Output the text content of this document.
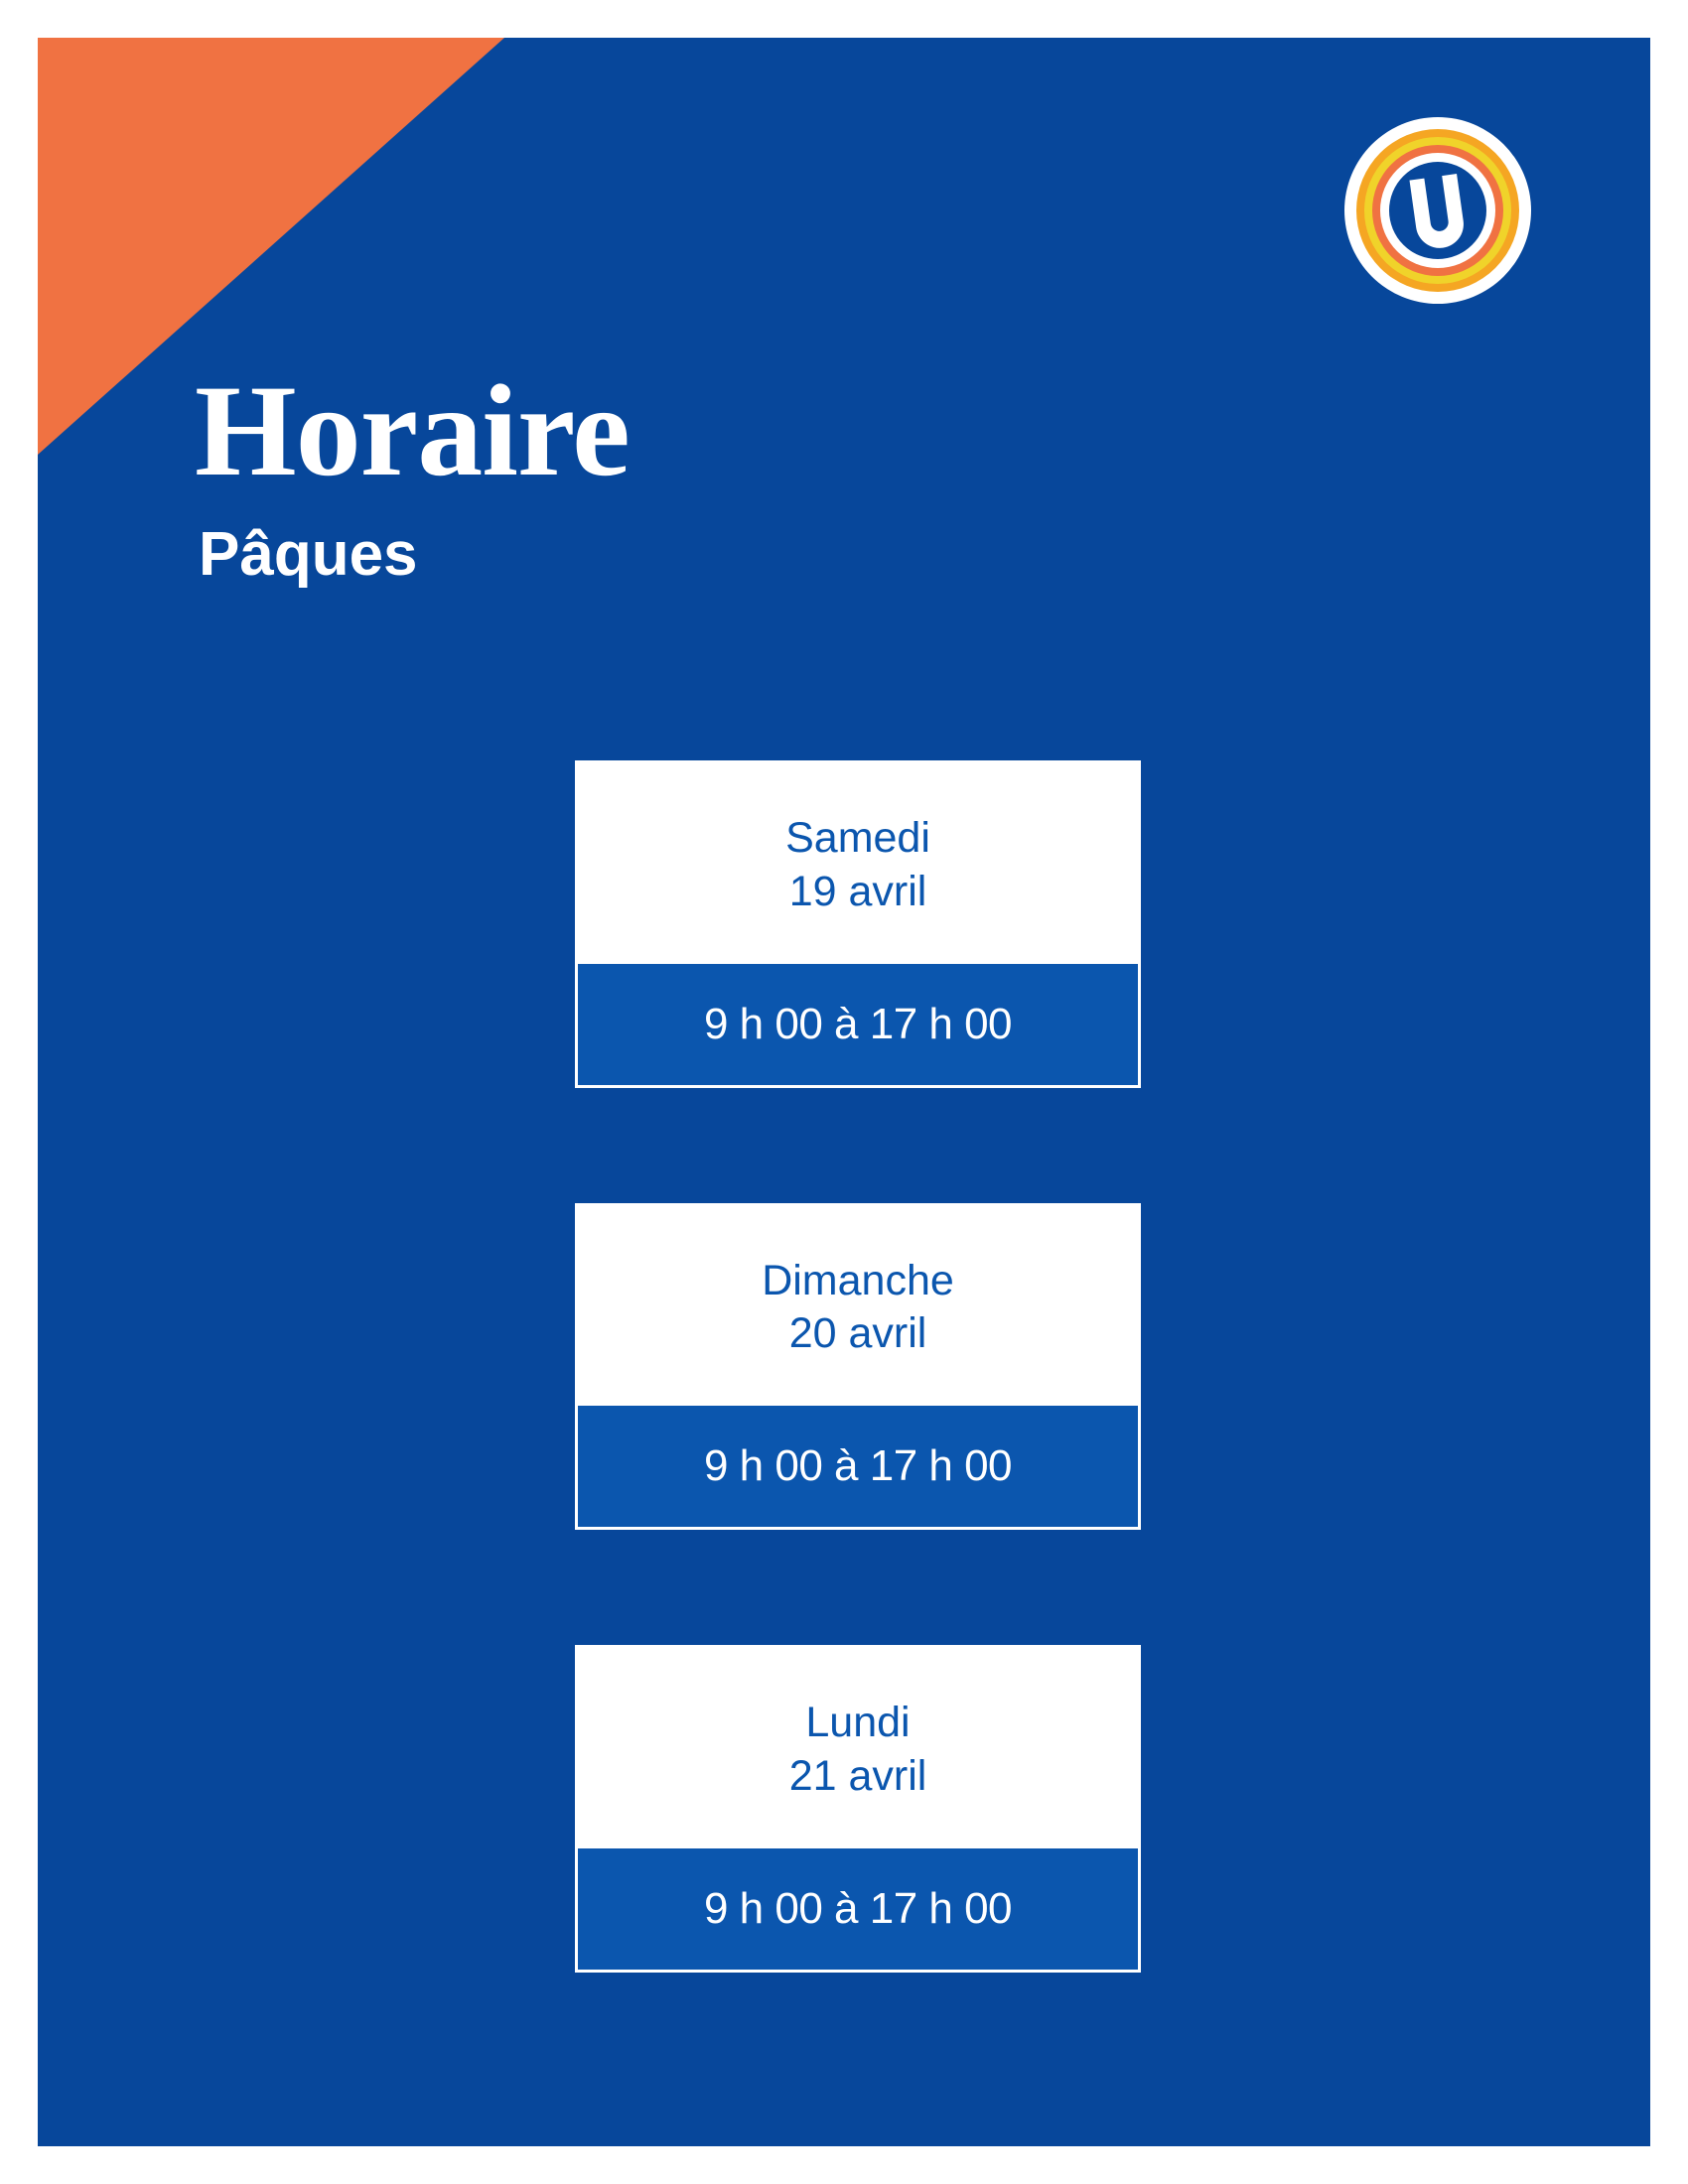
Horaire
Pâques
Samedi
19 avril
9 h 00 à 17 h 00
Dimanche
20 avril
9 h 00 à 17 h 00
Lundi
21 avril
9 h 00 à 17 h 00
